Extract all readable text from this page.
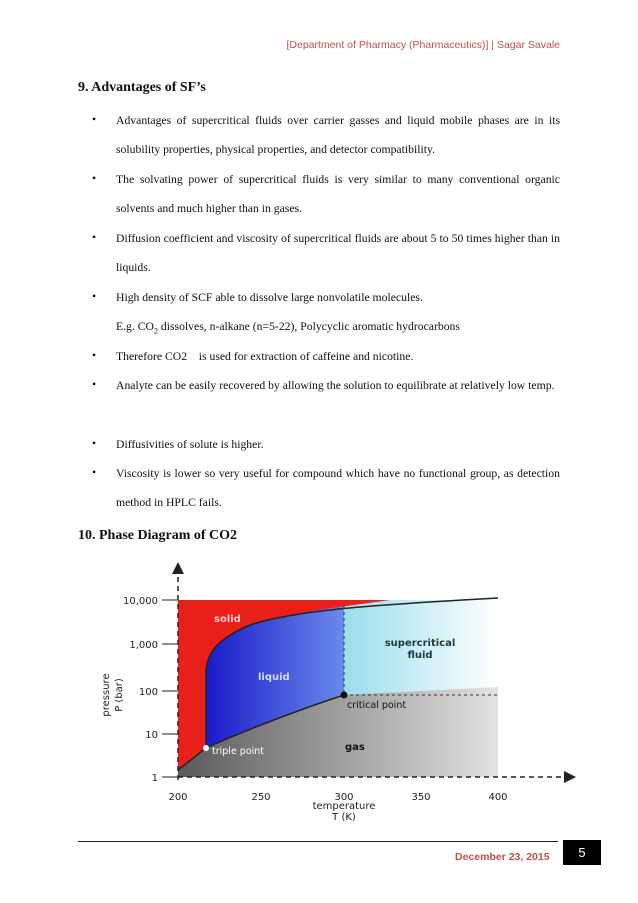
[Department of Pharmacy (Pharmaceutics)] | Sagar Savale
9. Advantages of SF’s
• Advantages of supercritical fluids over carrier gasses and liquid mobile phases are in its solubility properties, physical properties, and detector compatibility.
• The solvating power of supercritical fluids is very similar to many conventional organic solvents and much higher than in gases.
• Diffusion coefficient and viscosity of supercritical fluids are about 5 to 50 times higher than in liquids.
• High density of SCF able to dissolve large nonvolatile molecules.
E.g. $CO_2$ dissolves, n-alkane (n=5-22), Polycyclic aromatic hydrocarbons
• Therefore CO2    is used for extraction of caffeine and nicotine.
• Analyte can be easily recovered by allowing the solution to equilibrate at relatively low temp.
• Diffusivities of solute is higher.
• Viscosity is lower so very useful for compound which have no functional group, as detection method in HPLC fails.
10. Phase Diagram of CO2
10,000
1,000
100
10
1
200	250	300	350	400
temperature
T (K)
pressure P (bar)
solid
liquid
supercritical fluid
gas
triple point
critical point
December 23, 2015	5
